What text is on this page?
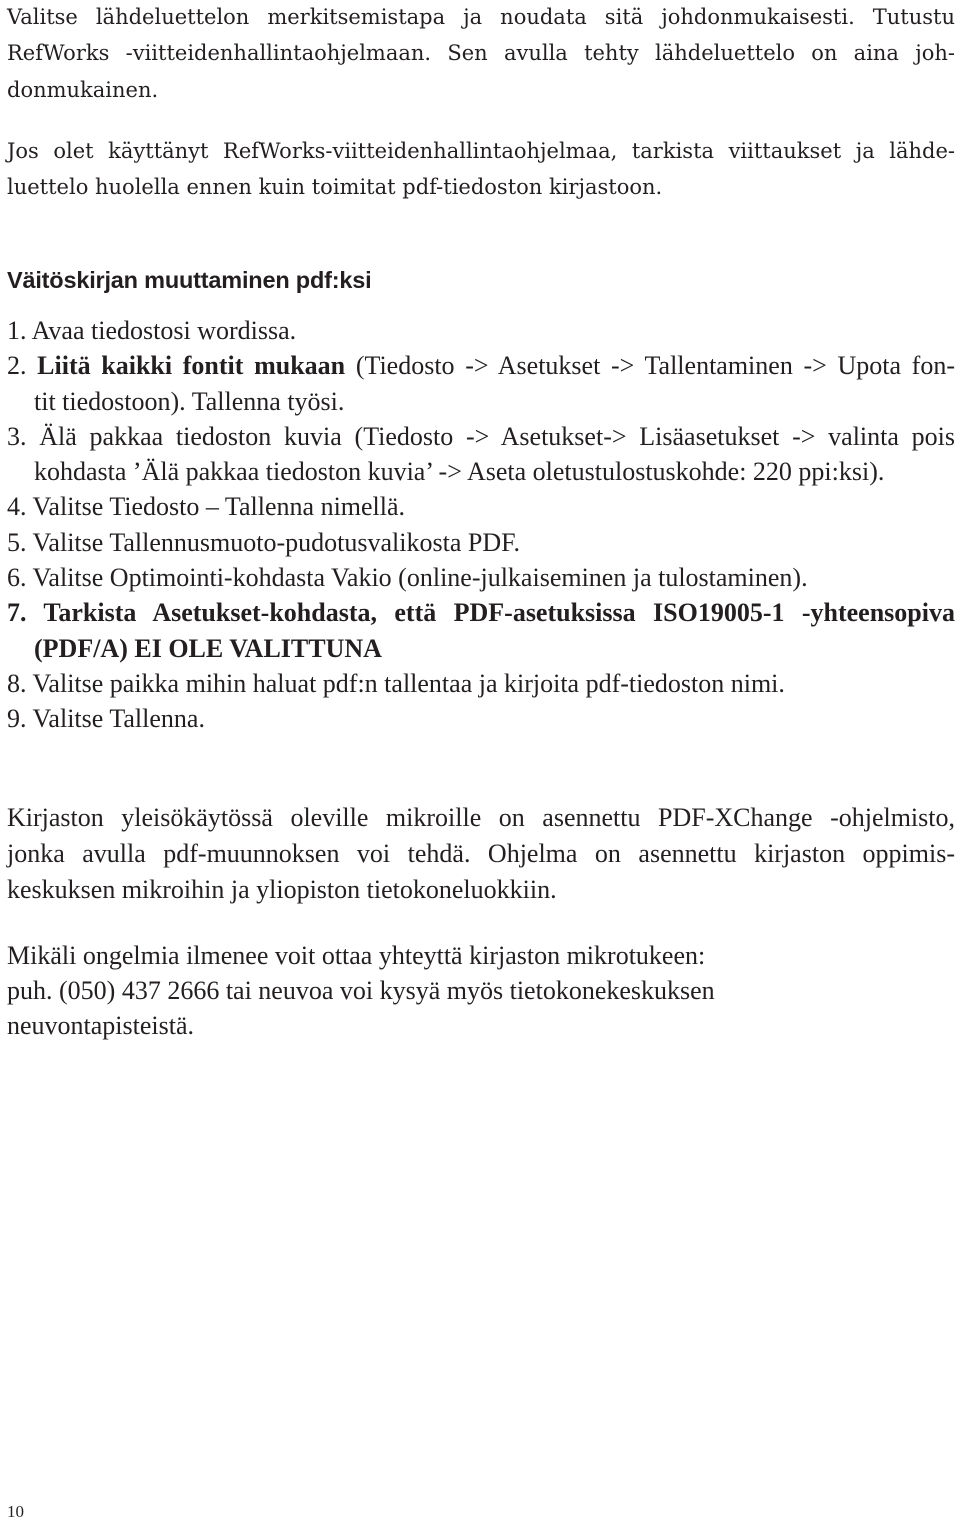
Valitse lähdeluettelon merkitsemistapa ja noudata sitä johdonmukaisesti. Tutustu
RefWorks -viitteidenhallintaohjelmaan. Sen avulla tehty lähdeluettelo on aina joh-
donmukainen.
Jos olet käyttänyt RefWorks-viitteidenhallintaohjelmaa, tarkista viittaukset ja lähde-
luettelo huolella ennen kuin toimitat pdf-tiedoston kirjastoon.
Väitöskirjan muuttaminen pdf:ksi
1. Avaa tiedostosi wordissa.
2. Liitä kaikki fontit mukaan (Tiedosto -> Asetukset -> Tallentaminen -> Upota fon-
tit tiedostoon). Tallenna työsi.
3. Älä pakkaa tiedoston kuvia (Tiedosto -> Asetukset-> Lisäasetukset -> valinta pois
kohdasta ’Älä pakkaa tiedoston kuvia’ -> Aseta oletustulostuskohde: 220 ppi:ksi).
4. Valitse Tiedosto – Tallenna nimellä.
5. Valitse Tallennusmuoto-pudotusvalikosta PDF.
6. Valitse Optimointi-kohdasta Vakio (online-julkaiseminen ja tulostaminen).
7. Tarkista Asetukset-kohdasta, että PDF-asetuksissa ISO19005-1 -yhteensopiva
(PDF/A) EI OLE VALITTUNA
8. Valitse paikka mihin haluat pdf:n tallentaa ja kirjoita pdf-tiedoston nimi.
9. Valitse Tallenna.
Kirjaston yleisökäytössä oleville mikroille on asennettu PDF-XChange -ohjelmisto,
jonka avulla pdf-muunnoksen voi tehdä. Ohjelma on asennettu kirjaston oppimis-
keskuksen mikroihin ja yliopiston tietokoneluokkiin.
Mikäli ongelmia ilmenee voit ottaa yhteyttä kirjaston mikrotukeen:
puh. (050) 437 2666 tai neuvoa voi kysyä myös tietokonekeskuksen
neuvontapisteistä.
10
